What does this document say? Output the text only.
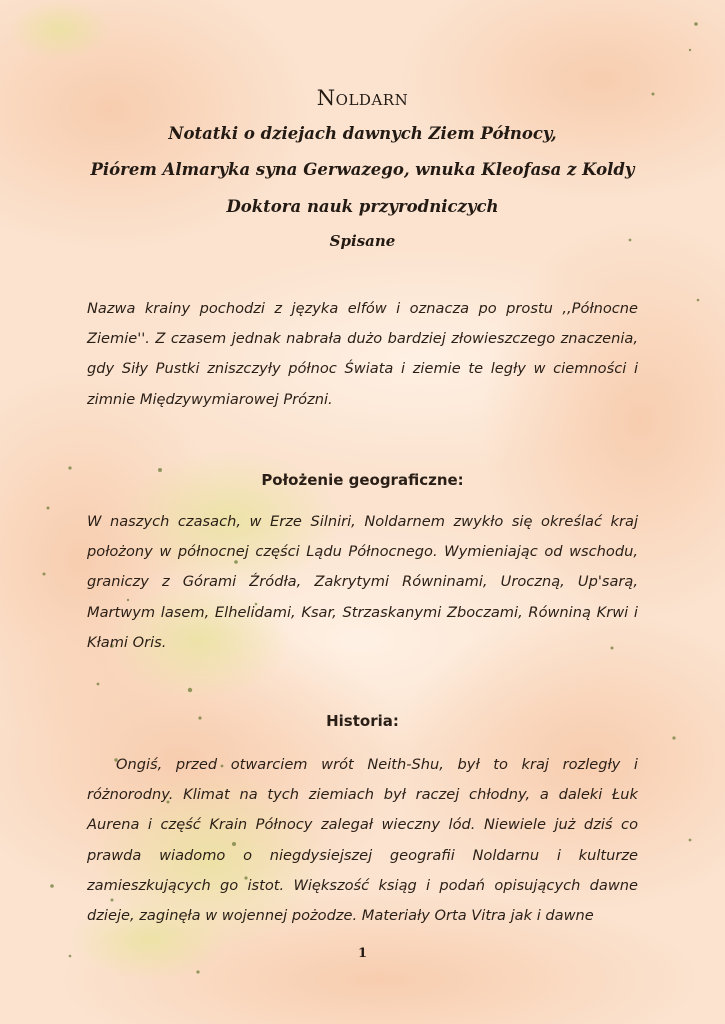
Noldarn
Notatki o dziejach dawnych Ziem Północy,
Piórem Almaryka syna Gerwazego, wnuka Kleofasa z Koldy
Doktora nauk przyrodniczych
Spisane

Nazwa krainy pochodzi z języka elfów i oznacza po prostu ,,Północne Ziemie''. Z czasem jednak nabrała dużo bardziej złowieszczego znaczenia, gdy Siły Pustki zniszczyły północ Świata i ziemie te legły w ciemności i zimnie Międzywymiarowej Prózni.

Położenie geograficzne:

W naszych czasach, w Erze Silniri, Noldarnem zwykło się określać kraj położony w północnej części Lądu Północnego. Wymieniając od wschodu, graniczy z Górami Źródła, Zakrytymi Równinami, Uroczną, Up'sarą, Martwym lasem, Elhelidami, Ksar, Strzaskanymi Zboczami, Równiną Krwi i Kłami Oris.

Historia:

Ongiś, przed otwarciem wrót Neith-Shu, był to kraj rozległy i różnorodny. Klimat na tych ziemiach był raczej chłodny, a daleki Łuk Aurena i część Krain Północy zalegał wieczny lód. Niewiele już dziś co prawda wiadomo o niegdysiejszej geografii Noldarnu i kulturze zamieszkujących go istot. Większość ksiąg i podań opisujących dawne dzieje, zaginęła w wojennej pożodze. Materiały Orta Vitra jak i dawne

1
